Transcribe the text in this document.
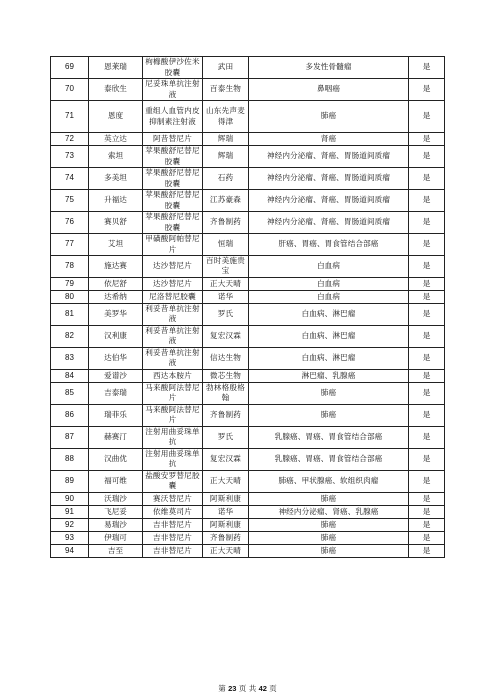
69	恩莱瑞	枸橼酸伊沙佐米胶囊	武田	多发性骨髓瘤	是
70	泰欣生	尼妥珠单抗注射液	百泰生物	鼻咽癌	是
71	恩度	重组人血管内皮抑制素注射液	山东先声麦得津	肺癌	是
72	英立达	阿昔替尼片	辉瑞	肾癌	是
73	索坦	苹果酸舒尼替尼胶囊	辉瑞	神经内分泌瘤、肾癌、胃肠道间质瘤	是
74	多美坦	苹果酸舒尼替尼胶囊	石药	神经内分泌瘤、肾癌、胃肠道间质瘤	是
75	升福达	苹果酸舒尼替尼胶囊	江苏豪森	神经内分泌瘤、肾癌、胃肠道间质瘤	是
76	赛贝舒	苹果酸舒尼替尼胶囊	齐鲁制药	神经内分泌瘤、肾癌、胃肠道间质瘤	是
77	艾坦	甲磺酸阿帕替尼片	恒瑞	肝癌、胃癌、胃食管结合部癌	是
78	施达赛	达沙替尼片	百时美施贵宝	白血病	是
79	依尼舒	达沙替尼片	正大天晴	白血病	是
80	达希纳	尼洛替尼胶囊	诺华	白血病	是
81	美罗华	利妥昔单抗注射液	罗氏	白血病、淋巴瘤	是
82	汉利康	利妥昔单抗注射液	复宏汉霖	白血病、淋巴瘤	是
83	达伯华	利妥昔单抗注射液	信达生物	白血病、淋巴瘤	是
84	爱谱沙	西达本胺片	微芯生物	淋巴瘤、乳腺癌	是
85	吉泰瑞	马来酸阿法替尼片	勃林格殷格翰	肺癌	是
86	瑞菲乐	马来酸阿法替尼片	齐鲁制药	肺癌	是
87	赫赛汀	注射用曲妥珠单抗	罗氏	乳腺癌、胃癌、胃食管结合部癌	是
88	汉曲优	注射用曲妥珠单抗	复宏汉霖	乳腺癌、胃癌、胃食管结合部癌	是
89	福可维	盐酸安罗替尼胶囊	正大天晴	肺癌、甲状腺癌、软组织肉瘤	是
90	沃瑞沙	赛沃替尼片	阿斯利康	肺癌	是
91	飞尼妥	依维莫司片	诺华	神经内分泌瘤、肾癌、乳腺癌	是
92	易瑞沙	吉非替尼片	阿斯利康	肺癌	是
93	伊瑞可	吉非替尼片	齐鲁制药	肺癌	是
94	吉至	吉非替尼片	正大天晴	肺癌	是
第 23 页 共 42 页
